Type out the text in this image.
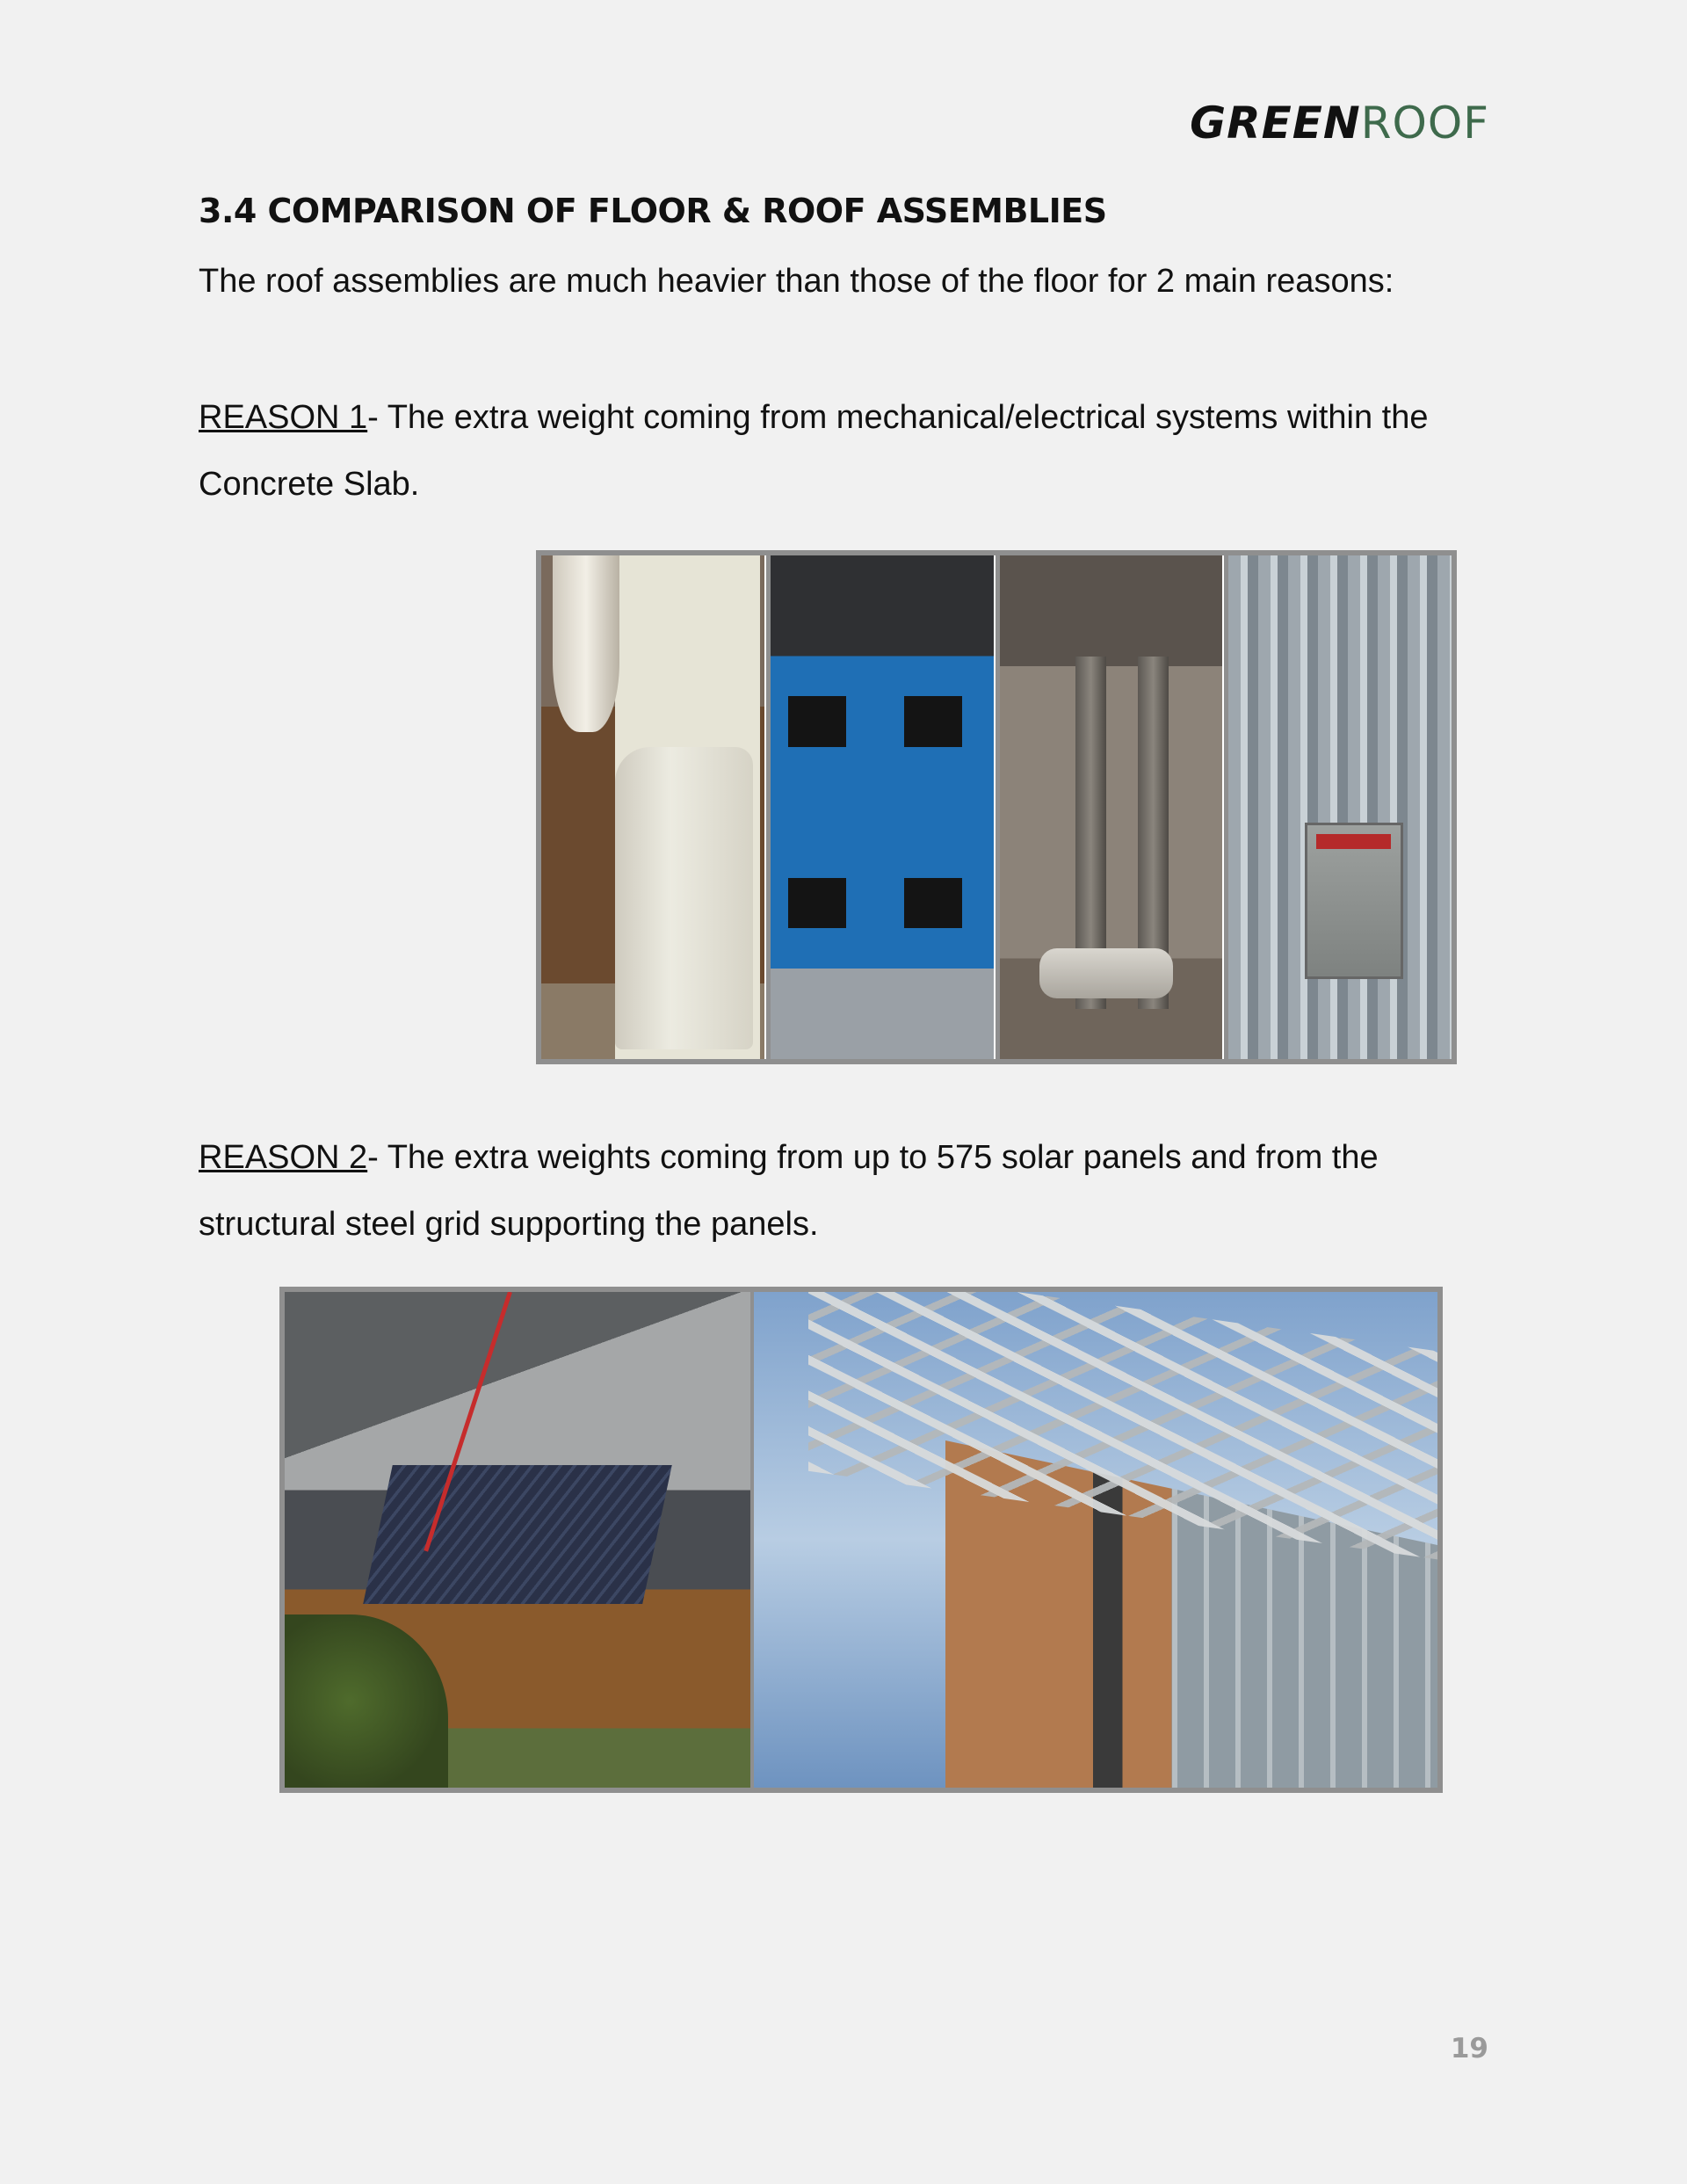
GREENROOF
3.4 COMPARISON OF FLOOR & ROOF ASSEMBLIES

The roof assemblies are much heavier than those of the floor for 2 main reasons:

REASON 1- The extra weight coming from mechanical/electrical systems within the Concrete Slab.

REASON 2- The extra weights coming from up to 575 solar panels and from the structural steel grid supporting the panels.

19
